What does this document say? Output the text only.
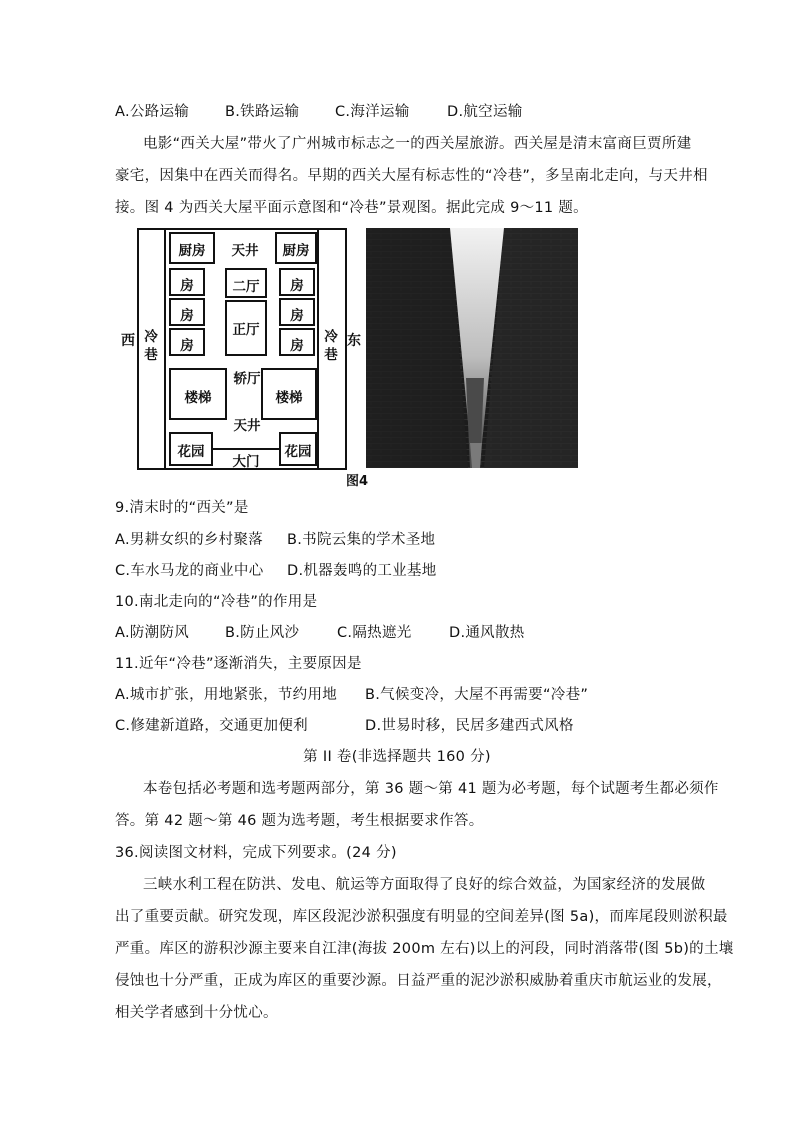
A.公路运输 B.铁路运输 C.海洋运输	D.航空运输
电影“西关大屋”带火了广州城市标志之一的西关屋旅游。西关屋是清末富商巨贾所建
豪宅，因集中在西关而得名。早期的西关大屋有标志性的“冷巷”，多呈南北走向，与天井相
接。图 4 为西关大屋平面示意图和“冷巷”景观图。据此完成 9～11 题。
冷巷
冷巷
厨房	天井	厨房
房
房
房
二厅
正厅
房
房
房
轿厅
楼梯	楼梯
天井
花园
大门
花园
西	东
图4
9.清末时的“西关”是
A.男耕女织的乡村聚落 B.书院云集的学术圣地
C.车水马龙的商业中心 D.机器轰鸣的工业基地
10.南北走向的“冷巷”的作用是
A.防潮防风 B.防止风沙	C.隔热遮光	D.通风散热
11.近年“冷巷”逐渐消失，主要原因是
A.城市扩张，用地紧张，节约用地 B.气候变冷，大屋不再需要“冷巷”
C.修建新道路，交通更加便利	D.世易时移，民居多建西式风格
第 II 卷(非选择题共 160 分)
本卷包括必考题和选考题两部分，第 36 题～第 41 题为必考题，每个试题考生都必须作
答。第 42 题～第 46 题为选考题，考生根据要求作答。
36.阅读图文材料，完成下列要求。(24 分)
三峡水利工程在防洪、发电、航运等方面取得了良好的综合效益，为国家经济的发展做
出了重要贡献。研究发现，库区段泥沙淤积强度有明显的空间差异(图 5a)，而库尾段则淤积最
严重。库区的游积沙源主要来自江津(海拔 200m 左右)以上的河段，同时消落带(图 5b)的土壤
侵蚀也十分严重，正成为库区的重要沙源。日益严重的泥沙淤积威胁着重庆市航运业的发展，
相关学者感到十分忧心。
